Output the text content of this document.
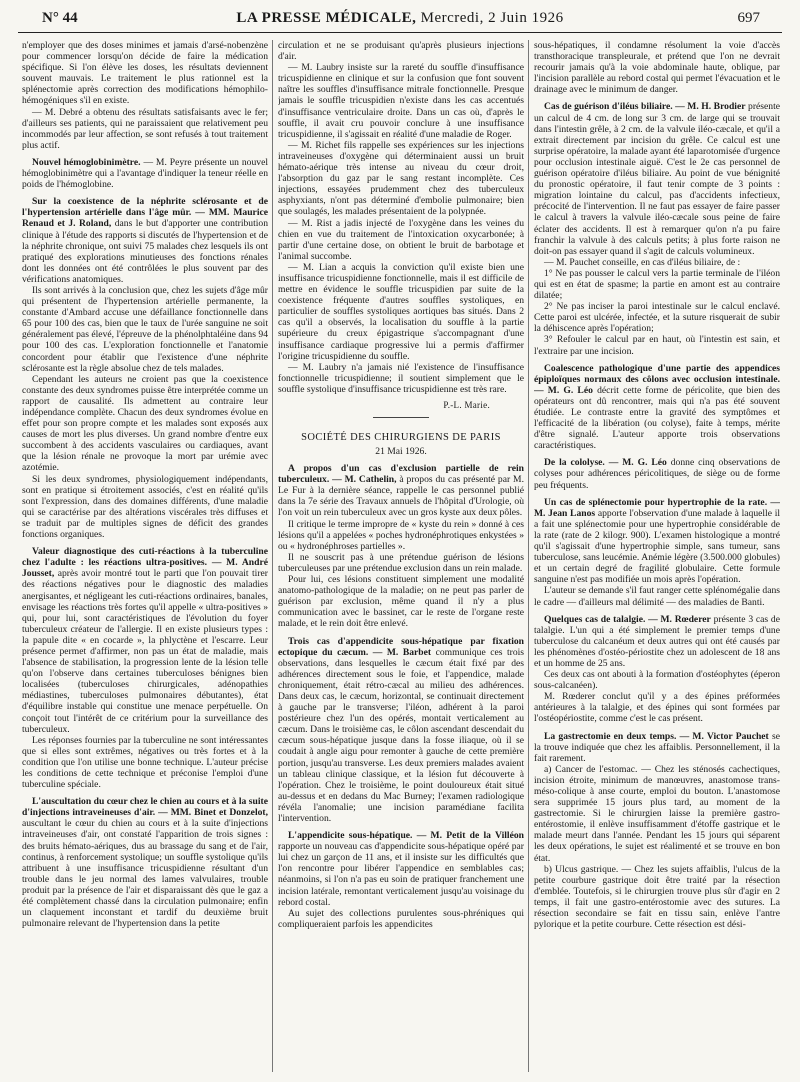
N° 44	LA PRESSE MÉDICALE, Mercredi, 2 Juin 1926	697

n'employer que des doses minimes et jamais d'arsé-nobenzène pour commencer lorsqu'on décide de faire la médication spécifique. Si l'on élève les doses, les résultats deviennent souvent mauvais. Le traitement le plus rationnel est la splénectomie après correction des modifications hémophilo-hémogéniques s'il en existe.

— M. Debré a obtenu des résultats satisfaisants avec le fer; d'ailleurs ses patients, qui ne paraissaient que relativement peu incommodés par leur affection, se sont refusés à tout traitement plus actif.

Nouvel hémoglobinimètre. — M. Peyre présente un nouvel hémoglobinimètre qui a l'avantage d'indiquer la teneur réelle en poids de l'hémoglobine.

Sur la coexistence de la néphrite sclérosante et de l'hypertension artérielle dans l'âge mûr. — MM. Maurice Renaud et J. Roland, dans le but d'apporter une contribution clinique à l'étude des rapports si discutés de l'hypertension et de la néphrite chronique, ont suivi 75 malades chez lesquels ils ont pratiqué des explorations minutieuses des fonctions rénales dont les données ont été contrôlées le plus souvent par des vérifications anatomiques.

Ils sont arrivés à la conclusion que, chez les sujets d'âge mûr qui présentent de l'hypertension artérielle permanente, la constante d'Ambard accuse une défaillance fonctionnelle dans 65 pour 100 des cas, bien que le taux de l'urée sanguine ne soit généralement pas élevé, l'épreuve de la phénolphtaléine dans 94 pour 100 des cas. L'exploration fonctionnelle et l'anatomie concordent pour établir que l'existence d'une néphrite sclérosante est la règle absolue chez de tels malades.

Cependant les auteurs ne croient pas que la coexistence constante des deux syndromes puisse être interprétée comme un rapport de causalité. Ils admettent au contraire leur indépendance complète. Chacun des deux syndromes évolue en effet pour son propre compte et les malades sont exposés aux causes de mort les plus diverses. Un grand nombre d'entre eux succombent à des accidents vasculaires ou cardiaques, avant que la lésion rénale ne provoque la mort par urémie avec azotémie.

Si les deux syndromes, physiologiquement indépendants, sont en pratique si étroitement associés, c'est en réalité qu'ils sont l'expression, dans des domaines différents, d'une maladie qui se caractérise par des altérations viscérales très diffuses et se traduit par de multiples signes de déficit des grandes fonctions organiques.

Valeur diagnostique des cuti-réactions à la tuberculine chez l'adulte : les réactions ultra-positives. — M. André Jousset, après avoir montré tout le parti que l'on pouvait tirer des réactions négatives pour le diagnostic des maladies anergisantes, et négligeant les cuti-réactions ordinaires, banales, envisage les réactions très fortes qu'il appelle « ultra-positives » qui, pour lui, sont caractéristiques de l'évolution du foyer tuberculeux créateur de l'allergie. Il en existe plusieurs types : la papule dite « en cocarde », la phlyctène et l'escarre. Leur présence permet d'affirmer, non pas un état de maladie, mais l'absence de stabilisation, la progression lente de la lésion telle qu'on l'observe dans certaines tuberculoses bénignes bien localisées (tuberculoses chirurgicales, adénopathies médiastines, tuberculoses pulmonaires débutantes), état d'équilibre instable qui constitue une menace perpétuelle. On conçoit tout l'intérêt de ce critérium pour la surveillance des tuberculeux.

Les réponses fournies par la tuberculine ne sont intéressantes que si elles sont extrêmes, négatives ou très fortes et à la condition que l'on utilise une bonne technique. L'auteur précise les conditions de cette technique et préconise l'emploi d'une tuberculine spéciale.

L'auscultation du cœur chez le chien au cours et à la suite d'injections intraveineuses d'air. — MM. Binet et Donzelot, auscultant le cœur du chien au cours et à la suite d'injections intraveineuses d'air, ont constaté l'apparition de trois signes : des bruits hémato-aériques, dus au brassage du sang et de l'air, continus, à renforcement systolique; un souffle systolique qu'ils attribuent à une insuffisance tricuspidienne résultant d'un trouble dans le jeu normal des lames valvulaires, trouble produit par la présence de l'air et disparaissant dès que le gaz a été complètement chassé dans la circulation pulmonaire; enfin un claquement inconstant et tardif du deuxième bruit pulmonaire relevant de l'hypertension dans la petite

circulation et ne se produisant qu'après plusieurs injections d'air.

— M. Laubry insiste sur la rareté du souffle d'insuffisance tricuspidienne en clinique et sur la confusion que font souvent naître les souffles d'insuffisance mitrale fonctionnelle. Presque jamais le souffle tricuspidien n'existe dans les cas accentués d'insuffisance ventriculaire droite. Dans un cas où, d'après le souffle, il avait cru pouvoir conclure à une insuffisance tricuspidienne, il s'agissait en réalité d'une maladie de Roger.

— M. Richet fils rappelle ses expériences sur les injections intraveineuses d'oxygène qui déterminaient aussi un bruit hémato-aérique très intense au niveau du cœur droit, l'absorption du gaz par le sang restant incomplète. Ces injections, essayées prudemment chez des tuberculeux asphyxiants, n'ont pas déterminé d'embolie pulmonaire; bien que soulagés, les malades présentaient de la polypnée.

— M. Rist a jadis injecté de l'oxygène dans les veines du chien en vue du traitement de l'intoxication oxycarbonée; à partir d'une certaine dose, on obtient le bruit de barbotage et l'animal succombe.

— M. Lian a acquis la conviction qu'il existe bien une insuffisance tricuspidienne fonctionnelle, mais il est difficile de mettre en évidence le souffle tricuspidien par suite de la coexistence fréquente d'autres souffles systoliques, en particulier de souffles systoliques aortiques bas situés. Dans 2 cas qu'il a observés, la localisation du souffle à la partie supérieure du creux épigastrique s'accompagnant d'une insuffisance cardiaque progressive lui a permis d'affirmer l'origine tricuspidienne du souffle.

— M. Laubry n'a jamais nié l'existence de l'insuffisance fonctionnelle tricuspidienne; il soutient simplement que le souffle systolique d'insuffisance tricuspidienne est très rare.

P.-L. Marie.

SOCIÉTÉ DES CHIRURGIENS DE PARIS
21 Mai 1926.

A propos d'un cas d'exclusion partielle de rein tuberculeux. — M. Cathelin, à propos du cas présenté par M. Le Fur à la dernière séance, rappelle le cas personnel publié dans la 7e série des Travaux annuels de l'hôpital d'Urologie, où l'on voit un rein tuberculeux avec un gros kyste aux deux pôles.

Il critique le terme impropre de « kyste du rein » donné à ces lésions qu'il a appelées « poches hydronéphrotiques enkystées » ou « hydronéphroses partielles ».

Il ne souscrit pas à une prétendue guérison de lésions tuberculeuses par une prétendue exclusion dans un rein malade.

Pour lui, ces lésions constituent simplement une modalité anatomo-pathologique de la maladie; on ne peut pas parler de guérison par exclusion, même quand il n'y a plus communication avec le bassinet, car le reste de l'organe reste malade, et le rein doit être enlevé.

Trois cas d'appendicite sous-hépatique par fixation ectopique du cæcum. — M. Barbet communique ces trois observations, dans lesquelles le cæcum était fixé par des adhérences directement sous le foie, et l'appendice, malade chroniquement, était rétro-cæcal au milieu des adhérences. Dans deux cas, le cæcum, horizontal, se continuait directement à gauche par le transverse; l'iléon, adhérent à la paroi postérieure chez l'un des opérés, montait verticalement au cæcum. Dans le troisième cas, le côlon ascendant descendait du cæcum sous-hépatique jusque dans la fosse iliaque, où il se coudait à angle aigu pour remonter à gauche de cette première portion, jusqu'au transverse. Les deux premiers malades avaient un tableau clinique classique, et la lésion fut découverte à l'opération. Chez le troisième, le point douloureux était situé au-dessus et en dedans du Mac Burney; l'examen radiologique révéla l'anomalie; une incision paramédiane facilita l'intervention.

L'appendicite sous-hépatique. — M. Petit de la Villéon rapporte un nouveau cas d'appendicite sous-hépatique opéré par lui chez un garçon de 11 ans, et il insiste sur les difficultés que l'on rencontre pour libérer l'appendice en semblables cas; néanmoins, si l'on n'a pas eu soin de pratiquer franchement une incision latérale, remontant verticalement jusqu'au voisinage du rebord costal.

Au sujet des collections purulentes sous-phréniques qui compliqueraient parfois les appendicites

sous-hépatiques, il condamne résolument la voie d'accès transthoracique transpleurale, et prétend que l'on ne devrait recourir jamais qu'à la voie abdominale haute, oblique, par l'incision parallèle au rebord costal qui permet l'évacuation et le drainage avec le minimum de danger.

Cas de guérison d'iléus biliaire. — M. H. Brodier présente un calcul de 4 cm. de long sur 3 cm. de large qui se trouvait dans l'intestin grêle, à 2 cm. de la valvule iléo-cæcale, et qu'il a extrait directement par incision du grêle. Ce calcul est une surprise opératoire, la malade ayant été laparotomisée d'urgence pour occlusion intestinale aiguë. C'est le 2e cas personnel de guérison opératoire d'iléus biliaire. Au point de vue bénignité du pronostic opératoire, il faut tenir compte de 3 points : migration lointaine du calcul, pas d'accidents infectieux, précocité de l'intervention. Il ne faut pas essayer de faire passer le calcul à travers la valvule iléo-cæcale sous peine de faire éclater des accidents. Il est à remarquer qu'on n'a pu faire franchir la valvule à des calculs petits; à plus forte raison ne doit-on pas essayer quand il s'agit de calculs volumineux.

— M. Pauchet conseille, en cas d'iléus biliaire, de :

1° Ne pas pousser le calcul vers la partie terminale de l'iléon qui est en état de spasme; la partie en amont est au contraire dilatée;

2° Ne pas inciser la paroi intestinale sur le calcul enclavé. Cette paroi est ulcérée, infectée, et la suture risquerait de subir la déhiscence après l'opération;

3° Refouler le calcul par en haut, où l'intestin est sain, et l'extraire par une incision.

Coalescence pathologique d'une partie des appendices épiploïques normaux des côlons avec occlusion intestinale. — M. G. Léo décrit cette forme de péricolite, que bien des opérateurs ont dû rencontrer, mais qui n'a pas été souvent étudiée. Le contraste entre la gravité des symptômes et l'efficacité de la libération (ou colyse), faite à temps, mérite d'être signalé. L'auteur apporte trois observations caractéristiques.

De la cololyse. — M. G. Léo donne cinq observations de colyses pour adhérences péricolitiques, de siège ou de forme peu fréquents.

Un cas de splénectomie pour hypertrophie de la rate. — M. Jean Lanos apporte l'observation d'une malade à laquelle il a fait une splénectomie pour une hypertrophie considérable de la rate (rate de 2 kilogr. 900). L'examen histologique a montré qu'il s'agissait d'une hypertrophie simple, sans tumeur, sans tuberculose, sans leucémie. Anémie légère (3.500.000 globules) et un certain degré de fragilité globulaire. Cette formule sanguine n'est pas modifiée un mois après l'opération.

L'auteur se demande s'il faut ranger cette splénomégalie dans le cadre — d'ailleurs mal délimité — des maladies de Banti.

Quelques cas de talalgie. — M. Rœderer présente 3 cas de talalgie. L'un qui a été simplement le premier temps d'une tuberculose du calcanéum et deux autres qui ont été causés par les phénomènes d'ostéo-périostite chez un adolescent de 18 ans et un homme de 25 ans.

Ces deux cas ont abouti à la formation d'ostéophytes (éperon sous-calcanéen).

M. Rœderer conclut qu'il y a des épines préformées antérieures à la talalgie, et des épines qui sont formées par l'ostéopériostite, comme c'est le cas présent.

La gastrectomie en deux temps. — M. Victor Pauchet se la trouve indiquée que chez les affaiblis. Personnellement, il la fait rarement.

a) Cancer de l'estomac. — Chez les sténosés cachectiques, incision étroite, minimum de manœuvres, anastomose trans-méso-colique à anse courte, emploi du bouton. L'anastomose sera supprimée 15 jours plus tard, au moment de la gastrectomie. Si le chirurgien laisse la première gastro-entérostomie, il enlève insuffisamment d'étoffe gastrique et le malade meurt dans l'année. Pendant les 15 jours qui séparent les deux opérations, le sujet est réalimenté et se trouve en bon état.

b) Ulcus gastrique. — Chez les sujets affaiblis, l'ulcus de la petite courbure gastrique doit être traité par la résection d'emblée. Toutefois, si le chirurgien trouve plus sûr d'agir en 2 temps, il fait une gastro-entérostomie avec des sutures. La résection secondaire se fait en tissu sain, enlève l'antre pylorique et la petite courbure. Cette résection est dési-
